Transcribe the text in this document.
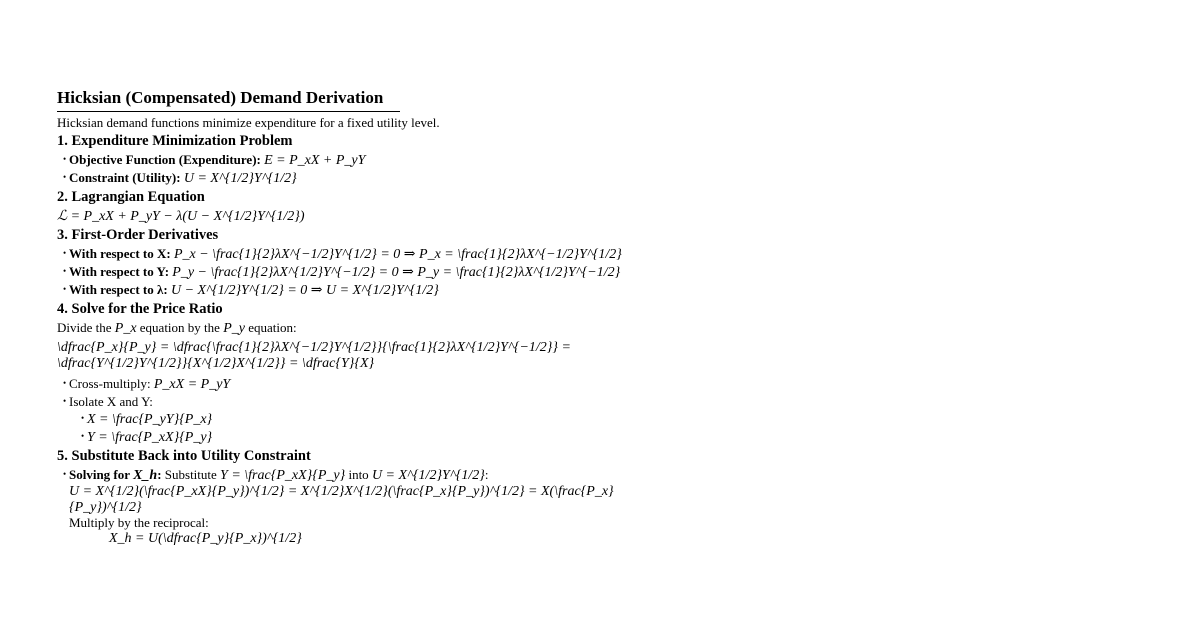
Hicksian (Compensated) Demand Derivation

Hicksian demand functions minimize expenditure for a fixed utility level.

1. Expenditure Minimization Problem
• Objective Function (Expenditure): E = P_xX + P_yY
• Constraint (Utility): U = X^{1/2}Y^{1/2}
2. Lagrangian Equation

ℒ = P_xX + P_yY − λ(U − X^{1/2}Y^{1/2})

3. First-Order Derivatives
• With respect to X: P_x − \frac{1}{2}λX^{−1/2}Y^{1/2} = 0 ⇒ P_x = \frac{1}{2}λX^{−1/2}Y^{1/2}
• With respect to Y: P_y − \frac{1}{2}λX^{1/2}Y^{−1/2} = 0 ⇒ P_y = \frac{1}{2}λX^{1/2}Y^{−1/2}
• With respect to λ: U − X^{1/2}Y^{1/2} = 0 ⇒ U = X^{1/2}Y^{1/2}
4. Solve for the Price Ratio

Divide the P_x equation by the P_y equation:

\dfrac{P_x}{P_y} = \dfrac{\frac{1}{2}λX^{−1/2}Y^{1/2}}{\frac{1}{2}λX^{1/2}Y^{−1/2}} = \dfrac{Y^{1/2}Y^{1/2}}{X^{1/2}X^{1/2}} = \dfrac{Y}{X}
• Cross-multiply: P_xX = P_yY
• Isolate X and Y:
• X = \frac{P_yY}{P_x}
• Y = \frac{P_xX}{P_y}
5. Substitute Back into Utility Constraint
• Solving for X_h: Substitute Y = \frac{P_xX}{P_y} into U = X^{1/2}Y^{1/2}:
U = X^{1/2}(\frac{P_xX}{P_y})^{1/2} = X^{1/2}X^{1/2}(\frac{P_x}{P_y})^{1/2} = X(\frac{P_x}{P_y})^{1/2}
Multiply by the reciprocal:
X_h = U(\dfrac{P_y}{P_x})^{1/2}
